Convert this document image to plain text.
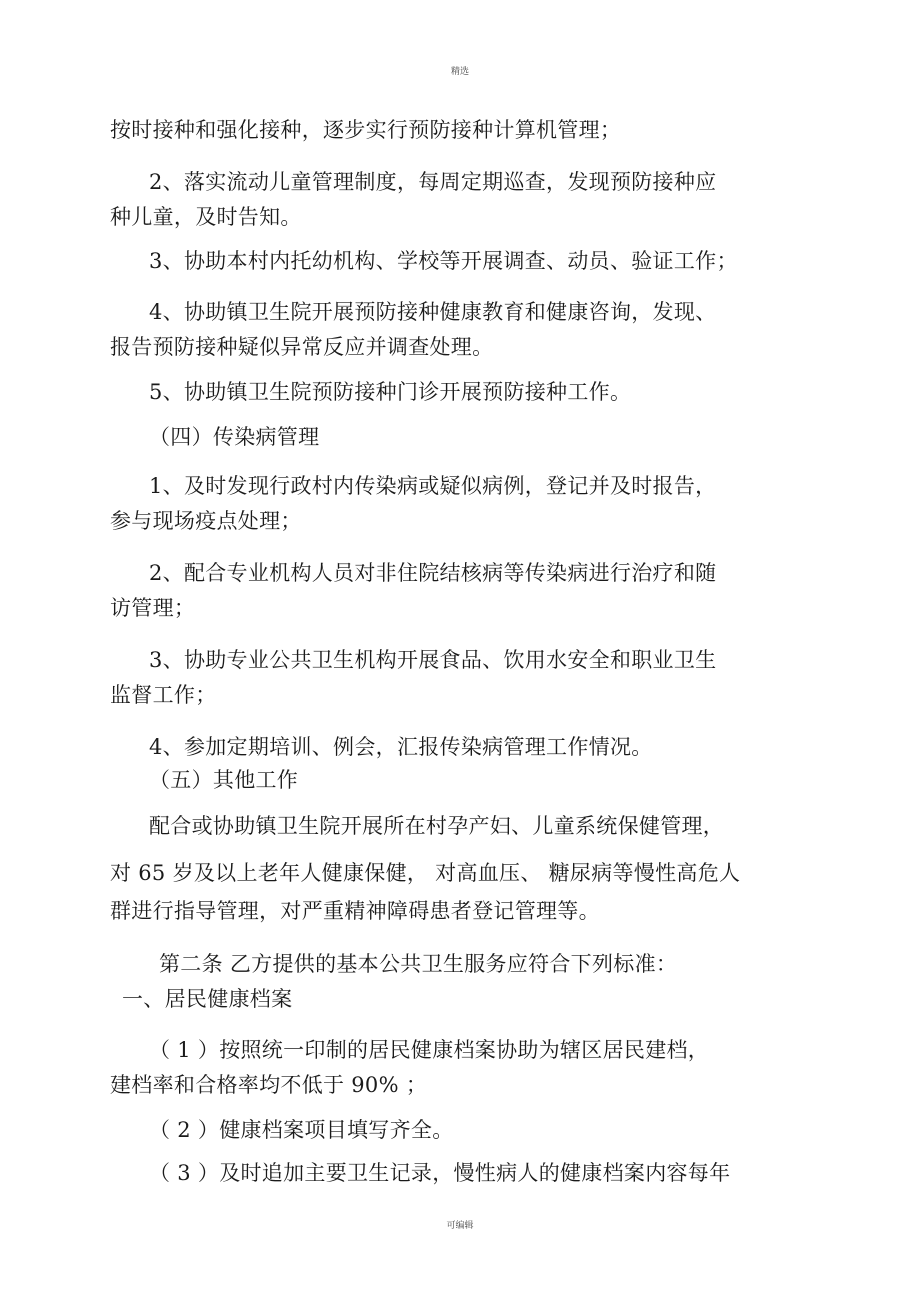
精选
按时接种和强化接种，逐步实行预防接种计算机管理；
2、落实流动儿童管理制度，每周定期巡查，发现预防接种应
种儿童，及时告知。
3、协助本村内托幼机构、学校等开展调查、动员、验证工作；
4、协助镇卫生院开展预防接种健康教育和健康咨询，发现、
报告预防接种疑似异常反应并调查处理。
5、协助镇卫生院预防接种门诊开展预防接种工作。
（四）传染病管理
1、及时发现行政村内传染病或疑似病例，登记并及时报告，
参与现场疫点处理；
2、配合专业机构人员对非住院结核病等传染病进行治疗和随
访管理；
3、协助专业公共卫生机构开展食品、饮用水安全和职业卫生
监督工作；
4、参加定期培训、例会，汇报传染病管理工作情况。
（五）其他工作
配合或协助镇卫生院开展所在村孕产妇、儿童系统保健管理，
对 65 岁及以上老年人健康保健， 对高血压、 糖尿病等慢性高危人
群进行指导管理，对严重精神障碍患者登记管理等。
第二条 乙方提供的基本公共卫生服务应符合下列标准：
一、居民健康档案
（ 1 ）按照统一印制的居民健康档案协助为辖区居民建档，
建档率和合格率均不低于 90% ；
（ 2 ）健康档案项目填写齐全。
（ 3 ）及时追加主要卫生记录，慢性病人的健康档案内容每年
可编辑
